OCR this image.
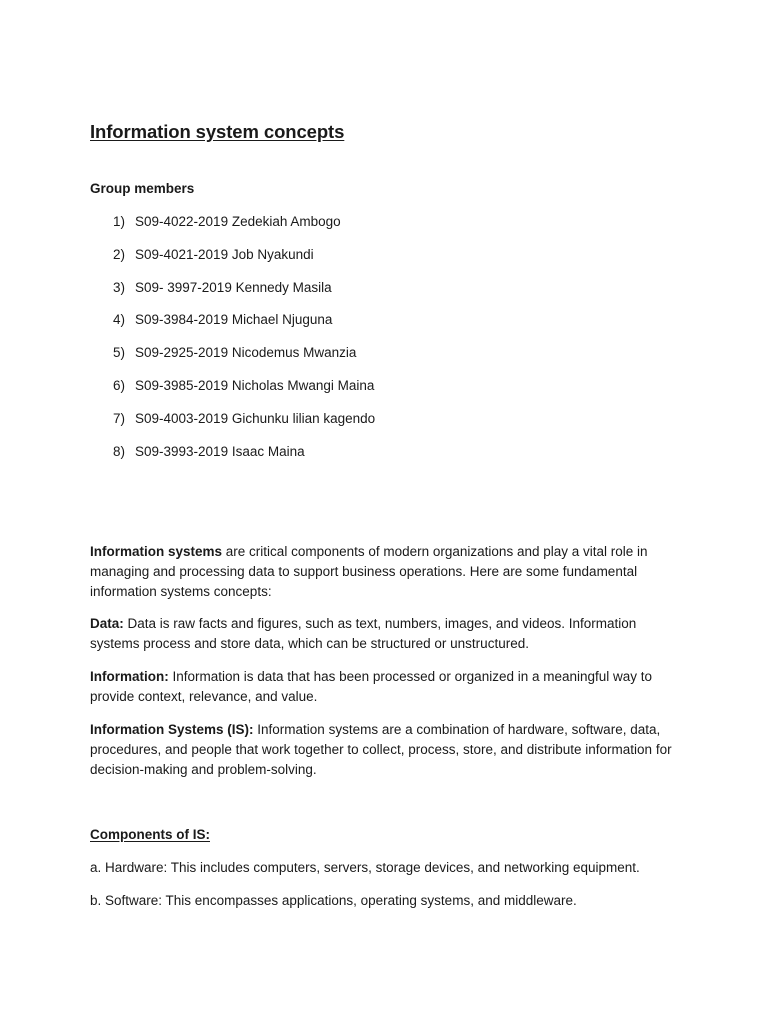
Information system concepts
Group members
1) S09-4022-2019 Zedekiah Ambogo
2) S09-4021-2019 Job Nyakundi
3) S09- 3997-2019 Kennedy Masila
4) S09-3984-2019 Michael Njuguna
5) S09-2925-2019 Nicodemus Mwanzia
6) S09-3985-2019 Nicholas Mwangi Maina
7) S09-4003-2019 Gichunku lilian kagendo
8) S09-3993-2019 Isaac Maina

Information systems are critical components of modern organizations and play a vital role in managing and processing data to support business operations. Here are some fundamental information systems concepts:

Data: Data is raw facts and figures, such as text, numbers, images, and videos. Information systems process and store data, which can be structured or unstructured.

Information: Information is data that has been processed or organized in a meaningful way to provide context, relevance, and value.

Information Systems (IS): Information systems are a combination of hardware, software, data, procedures, and people that work together to collect, process, store, and distribute information for decision-making and problem-solving.

Components of IS:
a. Hardware: This includes computers, servers, storage devices, and networking equipment.
b. Software: This encompasses applications, operating systems, and middleware.
